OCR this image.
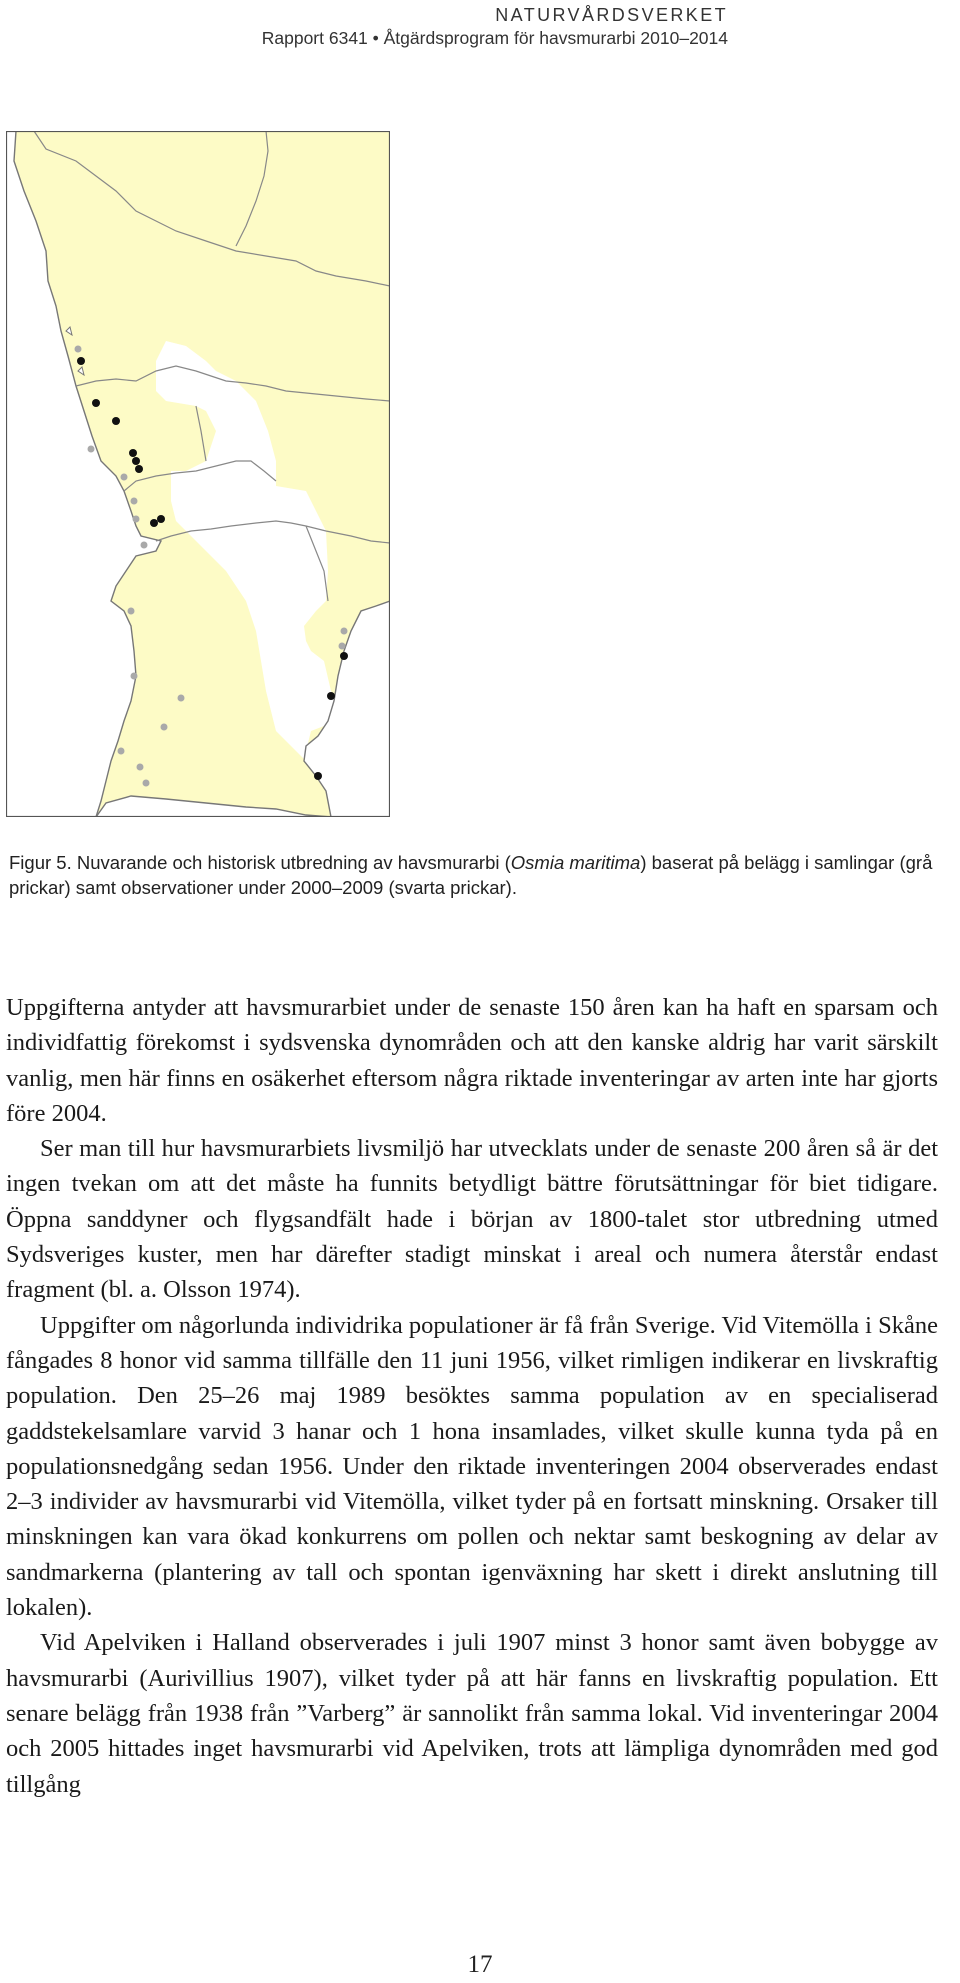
NATURVÅRDSVERKET
Rapport 6341 • Åtgärdsprogram för havsmurarbi 2010–2014
Figur 5. Nuvarande och historisk utbredning av havsmurarbi (Osmia maritima) baserat på belägg i samlingar (grå prickar) samt observationer under 2000–2009 (svarta prickar).

Uppgifterna antyder att havsmurarbiet under de senaste 150 åren kan ha haft en sparsam och individfattig förekomst i sydsvenska dynområden och att den kanske aldrig har varit särskilt vanlig, men här finns en osäkerhet eftersom några riktade inventeringar av arten inte har gjorts före 2004.

Ser man till hur havsmurarbiets livsmiljö har utvecklats under de senaste 200 åren så är det ingen tvekan om att det måste ha funnits betydligt bättre förutsättningar för biet tidigare. Öppna sanddyner och flygsandfält hade i början av 1800-talet stor utbredning utmed Sydsveriges kuster, men har därefter stadigt minskat i areal och numera återstår endast fragment (bl. a. Olsson 1974).

Uppgifter om någorlunda individrika populationer är få från Sverige. Vid Vitemölla i Skåne fångades 8 honor vid samma tillfälle den 11 juni 1956, vilket rimligen indikerar en livskraftig population. Den 25–26 maj 1989 besöktes samma population av en specialiserad gaddstekelsamlare varvid 3 hanar och 1 hona insamlades, vilket skulle kunna tyda på en populationsnedgång sedan 1956. Under den riktade inventeringen 2004 observerades endast 2–3 individer av havsmurarbi vid Vitemölla, vilket tyder på en fortsatt minskning. Orsaker till minskningen kan vara ökad konkurrens om pollen och nektar samt beskogning av delar av sandmarkerna (plantering av tall och spontan igenväxning har skett i direkt anslutning till lokalen).

Vid Apelviken i Halland observerades i juli 1907 minst 3 honor samt även bobygge av havsmurarbi (Aurivillius 1907), vilket tyder på att här fanns en livskraftig population. Ett senare belägg från 1938 från ”Varberg” är sannolikt från samma lokal. Vid inventeringar 2004 och 2005 hittades inget havsmurarbi vid Apelviken, trots att lämpliga dynområden med god tillgång

17
